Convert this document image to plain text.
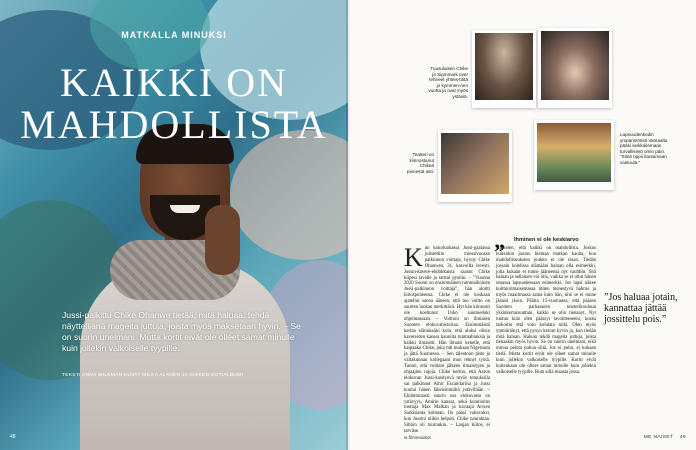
MATKALLA MINUKSI
KAIKKI ON
MAHDOLLISTA
Jussi-palkittu Chike Ohanwe tietää, mitä haluaa: tehdä näyttelijänä mageita juttuja, joista myös maksetaan hyvin. – Se on suurin unelmani. Mutta kortit eivät ole olleet samat minulle kuin jollekin valkoiselle tyypille.
TEKSTI ANNA WILKMAN KUVAT MILKA ALANEN JA CHIKEN KOTIALBUMI
48
Tuusulaisen Chike ja Sigmmark over tehneet yhteis-töitä jo kymmen-nen vuotta ja ovat myös ystäviä.
Teatteri on kiinnostanut Chikeä pienestä asti.
Lapsuudenkodin ympäristössä Vantaalla pääsi seikkailemaan turvallisesti omin päin. "Siinä oppii kantamaan vastuuta."
K un kokoluokassa Jussi-gaalassa julistettiin miessivuosan palkinnon voittaja, hyyny Chike Ohanwen, 31, kasvoilla levesti. Jussin-kavere-ehdokkaista saanut Chike kiipesi lavalle ja tarttui pystiin. – ”Vuonna 2020 Suomi on ensimmäinen tummaihoinen Jussi-palkinnon voittaja”, hän aloitti kiitospuheensa. Chike ei ole koskaan ajatellut sanoa ääneen, että tuo voitto on suurten luokan merkittävä. Hyt hän kiinnosti ole koettunut Usko suomiedoki ohjelmassaan. – Voittoni on ilmiasen Suomen elokuvahistoriaa. Ensimmäistä kertaa elämässäni koin, että aluksi olisin kavereiden kanssa kauniita tummahiuksia ja kaikki ilmaistit. Hän ilmaisi kenelle, että kaipaako Chike, joka tuli mukaan Nigeriasta ja jättä Suomessa. – Sen tälentoon piste ja valtakunnan kollegaani mon tehnyt työtä. Tuntui, että voittani jälkeen ilmaistyjen ja ohjaajien rajoja. Chike kertoo, että Aaron elokuvan Jussi-kasityovä myös totuuksilla sai palkinnot Amir Escandariria ja Jussi kuului hänen läheisimmiltä ystäviltään. – Ehdottomasti suurin osa elokuvasta on ystävyys, Amirin kanssa, sekä kunnioitus tuottaja Max Malkan ja kavaaja Arwen Sarkisianta kohtaan. Ilo pääsi valtavaksi, kun Jussini niihin helpoti. Chike naurahtaa. Siltoin oli tuurnukin. – Laujan kiitos, ei tarvitse.
”	Ihminen ei ole keskiarvo
Ajattelen, että kaikki on mahdollista. Joskus kuitenkin joutuu hieman mutkan kautta, kun mahdollisuuksien joukko ei ole tasan. Tiedän jossain kohdissa elämääni haluan olla esimerkki, jotta kukaan ei tunne jääneensä nyt vauhtiin. Sitä haluan ja sellainen voi olla, vaikka se ei ollut hänen omassa lapsuudessaan esimerkki. Jos lapsi näkee kulttuurimaisemassa miten menestyvä hahmo ja myös maailmassa sama kuin hän, niin se ei tunne jäänsä yksin. Päätin 15-vuotiaana, että pääsen Suomen parhaaseen teatterikouluun yksinkertaisuuttani, kaikki se olin tienanyt. Nyt tuntuu kuin olen päässyt tavoitteeseeni, koska tarkoitin että voin kohdata niitä. Olen myös ymmärtänyt, että pysyn kerran hyvin ja, kun tiedän mitä haluan. Haluan tehdä mageita juttuja, joista tienaakin myös hyvin. Se on suurin unelmani, eikä minua pelota puhua siitä. Jos ei puhu, ei kukaan tiedä. Mutta kortit eivät ole olleet samat minulle kuin jollekin valkoiselle tyypille. Kortit eivät kuitenkaan ole olleet samat minulle kuin jollekin valkoiselle tyypille. Rum sillä maasta jossa.
”Jos haluaa jotain, kannattaa jättää jossittelu pois.”
is.fi/menaiset	ME NAISET 49
